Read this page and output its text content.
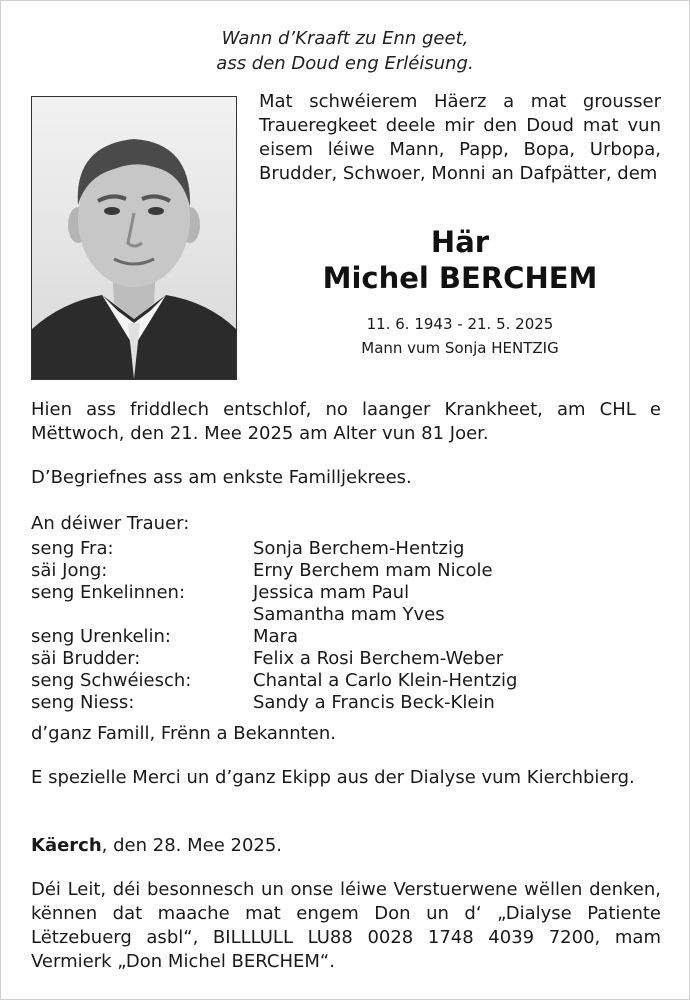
Wann d’Kraaft zu Enn geet,
ass den Doud eng Erléisung.
Mat schwéierem Häerz a mat grousser Traueregkeet deele mir den Doud mat vun eisem léiwe Mann, Papp, Bopa, Urbopa, Brudder, Schwoer, Monni an Dafpätter, dem
Här
Michel BERCHEM
11. 6. 1943 - 21. 5. 2025
Mann vum Sonja HENTZIG
Hien ass friddlech entschlof, no laanger Krankheet, am CHL e Mëttwoch, den 21. Mee 2025 am Alter vun 81 Joer.
D’Begriefnes ass am enkste Familljekrees.
An déiwer Trauer:
seng Fra:	Sonja Berchem-Hentzig
säi Jong:	Erny Berchem mam Nicole
seng Enkelinnen:	Jessica mam Paul
Samantha mam Yves
seng Urenkelin:	Mara
säi Brudder:	Felix a Rosi Berchem-Weber
seng Schwéiesch:	Chantal a Carlo Klein-Hentzig
seng Niess:	Sandy a Francis Beck-Klein
d’ganz Famill, Frënn a Bekannten.
E spezielle Merci un d’ganz Ekipp aus der Dialyse vum Kierchbierg.
Käerch, den 28. Mee 2025.
Déi Leit, déi besonnesch un onse léiwe Verstuerwene wëllen denken, kënnen dat maache mat engem Don un d‘ „Dialyse Patiente Lëtzebuerg asbl“, BILLLULL LU88 0028 1748 4039 7200, mam Vermierk „Don Michel BERCHEM“.
